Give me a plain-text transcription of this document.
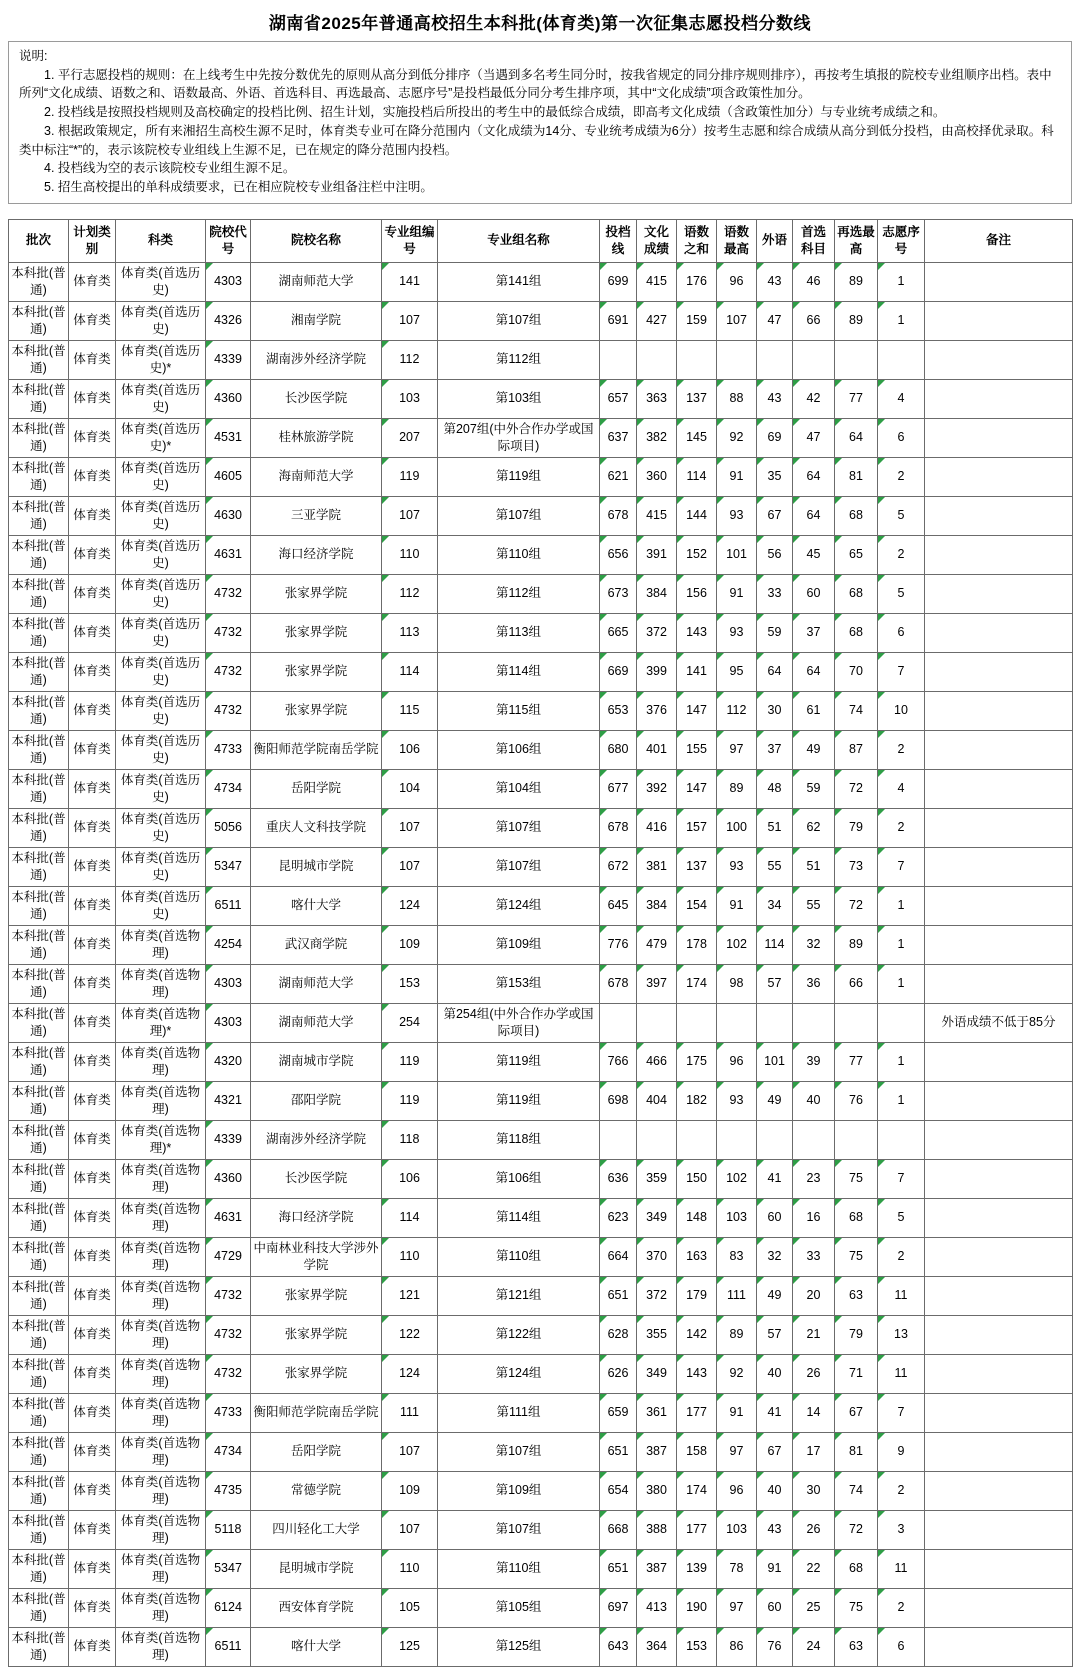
湖南省2025年普通高校招生本科批(体育类)第一次征集志愿投档分数线

说明:

1. 平行志愿投档的规则：在上线考生中先按分数优先的原则从高分到低分排序（当遇到多名考生同分时，按我省规定的同分排序规则排序），再按考生填报的院校专业组顺序出档。表中所列“文化成绩、语数之和、语数最高、外语、首选科目、再选最高、志愿序号”是投档最低分同分考生排序项，其中“文化成绩”项含政策性加分。

2. 投档线是按照投档规则及高校确定的投档比例、招生计划，实施投档后所投出的考生中的最低综合成绩，即高考文化成绩（含政策性加分）与专业统考成绩之和。

3. 根据政策规定，所有来湘招生高校生源不足时，体育类专业可在降分范围内（文化成绩为14分、专业统考成绩为6分）按考生志愿和综合成绩从高分到低分投档，由高校择优录取。科类中标注“*”的，表示该院校专业组线上生源不足，已在规定的降分范围内投档。

4. 投档线为空的表示该院校专业组生源不足。

5. 招生高校提出的单科成绩要求，已在相应院校专业组备注栏中注明。

批次	计划类别	科类	院校代号	院校名称	专业组编号	专业组名称	投档线	文化成绩	语数之和	语数最高	外语	首选科目	再选最高	志愿序号	备注
本科批(普通)	体育类	体育类(首选历史)	4303	湖南师范大学	141	第141组	699	415	176	96	43	46	89	1	
本科批(普通)	体育类	体育类(首选历史)	4326	湘南学院	107	第107组	691	427	159	107	47	66	89	1	
本科批(普通)	体育类	体育类(首选历史)*	4339	湖南涉外经济学院	112	第112组									
本科批(普通)	体育类	体育类(首选历史)	4360	长沙医学院	103	第103组	657	363	137	88	43	42	77	4	
本科批(普通)	体育类	体育类(首选历史)*	4531	桂林旅游学院	207	第207组(中外合作办学或国际项目)	637	382	145	92	69	47	64	6	
本科批(普通)	体育类	体育类(首选历史)	4605	海南师范大学	119	第119组	621	360	114	91	35	64	81	2	
本科批(普通)	体育类	体育类(首选历史)	4630	三亚学院	107	第107组	678	415	144	93	67	64	68	5	
本科批(普通)	体育类	体育类(首选历史)	4631	海口经济学院	110	第110组	656	391	152	101	56	45	65	2	
本科批(普通)	体育类	体育类(首选历史)	4732	张家界学院	112	第112组	673	384	156	91	33	60	68	5	
本科批(普通)	体育类	体育类(首选历史)	4732	张家界学院	113	第113组	665	372	143	93	59	37	68	6	
本科批(普通)	体育类	体育类(首选历史)	4732	张家界学院	114	第114组	669	399	141	95	64	64	70	7	
本科批(普通)	体育类	体育类(首选历史)	4732	张家界学院	115	第115组	653	376	147	112	30	61	74	10	
本科批(普通)	体育类	体育类(首选历史)	4733	衡阳师范学院南岳学院	106	第106组	680	401	155	97	37	49	87	2	
本科批(普通)	体育类	体育类(首选历史)	4734	岳阳学院	104	第104组	677	392	147	89	48	59	72	4	
本科批(普通)	体育类	体育类(首选历史)	5056	重庆人文科技学院	107	第107组	678	416	157	100	51	62	79	2	
本科批(普通)	体育类	体育类(首选历史)	5347	昆明城市学院	107	第107组	672	381	137	93	55	51	73	7	
本科批(普通)	体育类	体育类(首选历史)	6511	喀什大学	124	第124组	645	384	154	91	34	55	72	1	
本科批(普通)	体育类	体育类(首选物理)	4254	武汉商学院	109	第109组	776	479	178	102	114	32	89	1	
本科批(普通)	体育类	体育类(首选物理)	4303	湖南师范大学	153	第153组	678	397	174	98	57	36	66	1	
本科批(普通)	体育类	体育类(首选物理)*	4303	湖南师范大学	254	第254组(中外合作办学或国际项目)									外语成绩不低于85分
本科批(普通)	体育类	体育类(首选物理)	4320	湖南城市学院	119	第119组	766	466	175	96	101	39	77	1	
本科批(普通)	体育类	体育类(首选物理)	4321	邵阳学院	119	第119组	698	404	182	93	49	40	76	1	
本科批(普通)	体育类	体育类(首选物理)*	4339	湖南涉外经济学院	118	第118组									
本科批(普通)	体育类	体育类(首选物理)	4360	长沙医学院	106	第106组	636	359	150	102	41	23	75	7	
本科批(普通)	体育类	体育类(首选物理)	4631	海口经济学院	114	第114组	623	349	148	103	60	16	68	5	
本科批(普通)	体育类	体育类(首选物理)	4729	中南林业科技大学涉外学院	110	第110组	664	370	163	83	32	33	75	2	
本科批(普通)	体育类	体育类(首选物理)	4732	张家界学院	121	第121组	651	372	179	111	49	20	63	11	
本科批(普通)	体育类	体育类(首选物理)	4732	张家界学院	122	第122组	628	355	142	89	57	21	79	13	
本科批(普通)	体育类	体育类(首选物理)	4732	张家界学院	124	第124组	626	349	143	92	40	26	71	11	
本科批(普通)	体育类	体育类(首选物理)	4733	衡阳师范学院南岳学院	111	第111组	659	361	177	91	41	14	67	7	
本科批(普通)	体育类	体育类(首选物理)	4734	岳阳学院	107	第107组	651	387	158	97	67	17	81	9	
本科批(普通)	体育类	体育类(首选物理)	4735	常德学院	109	第109组	654	380	174	96	40	30	74	2	
本科批(普通)	体育类	体育类(首选物理)	5118	四川轻化工大学	107	第107组	668	388	177	103	43	26	72	3	
本科批(普通)	体育类	体育类(首选物理)	5347	昆明城市学院	110	第110组	651	387	139	78	91	22	68	11	
本科批(普通)	体育类	体育类(首选物理)	6124	西安体育学院	105	第105组	697	413	190	97	60	25	75	2	
本科批(普通)	体育类	体育类(首选物理)	6511	喀什大学	125	第125组	643	364	153	86	76	24	63	6	
